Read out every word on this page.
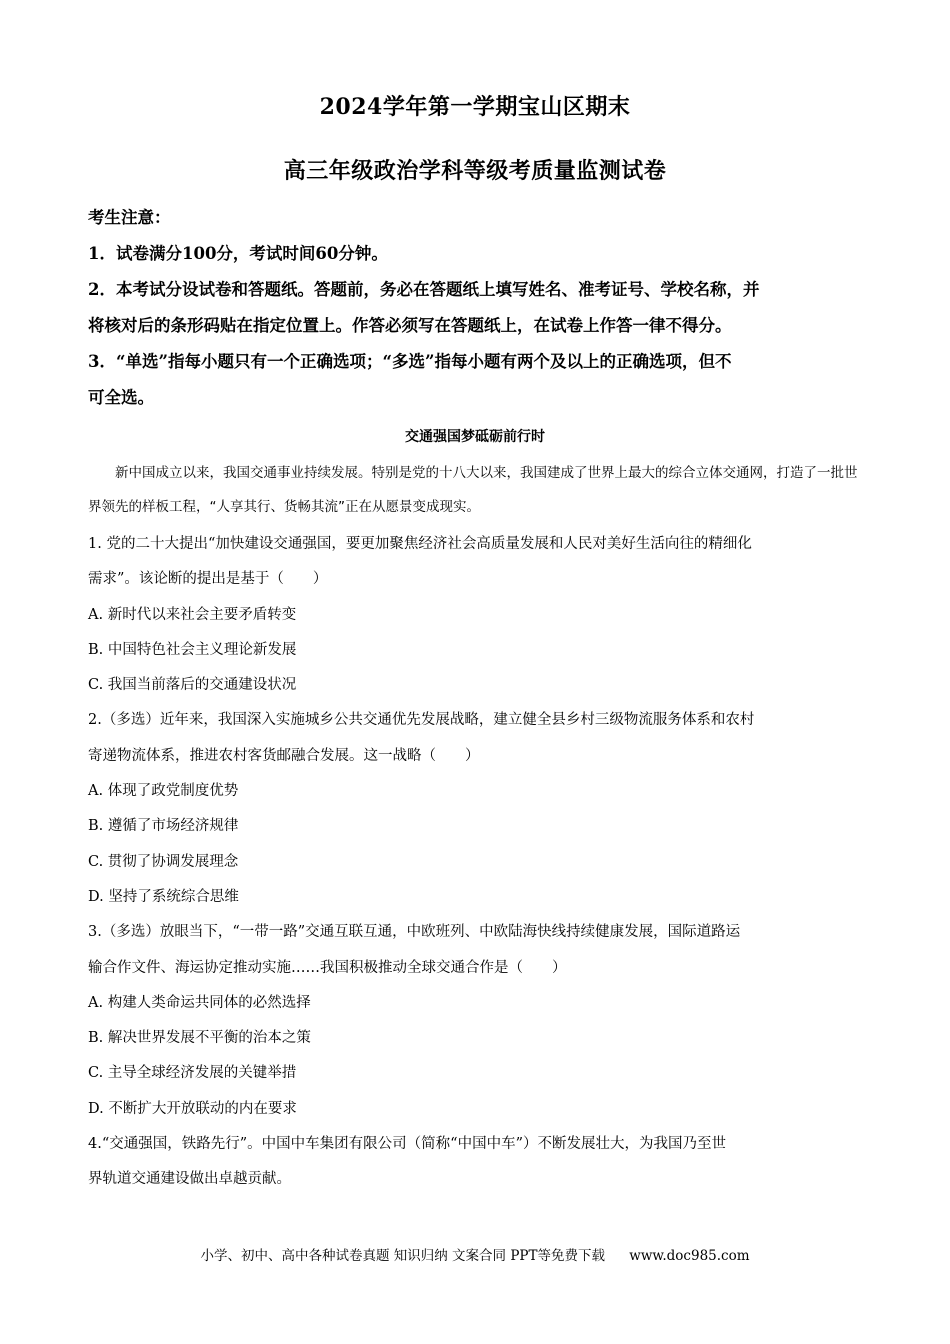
2024学年第一学期宝山区期末
高三年级政治学科等级考质量监测试卷

考生注意：

1．试卷满分100分，考试时间60分钟。

2．本考试分设试卷和答题纸。答题前，务必在答题纸上填写姓名、准考证号、学校名称，并

将核对后的条形码贴在指定位置上。作答必须写在答题纸上，在试卷上作答一律不得分。

3．“单选”指每小题只有一个正确选项；“多选”指每小题有两个及以上的正确选项，但不

可全选。

交通强国梦砥砺前行时

新中国成立以来，我国交通事业持续发展。特别是党的十八大以来，我国建成了世界上最大的综合立体交通网，打造了一批世界领先的样板工程，“人享其行、货畅其流”正在从愿景变成现实。

1. 党的二十大提出“加快建设交通强国，要更加聚焦经济社会高质量发展和人民对美好生活向往的精细化

需求”。该论断的提出是基于（　　）

A. 新时代以来社会主要矛盾转变

B. 中国特色社会主义理论新发展

C. 我国当前落后的交通建设状况

2.（多选）近年来，我国深入实施城乡公共交通优先发展战略，建立健全县乡村三级物流服务体系和农村

寄递物流体系，推进农村客货邮融合发展。这一战略（　　）

A. 体现了政党制度优势

B. 遵循了市场经济规律

C. 贯彻了协调发展理念

D. 坚持了系统综合思维

3.（多选）放眼当下，“一带一路”交通互联互通，中欧班列、中欧陆海快线持续健康发展，国际道路运

输合作文件、海运协定推动实施……我国积极推动全球交通合作是（　　）

A. 构建人类命运共同体的必然选择

B. 解决世界发展不平衡的治本之策

C. 主导全球经济发展的关键举措

D. 不断扩大开放联动的内在要求

4.“交通强国，铁路先行”。中国中车集团有限公司（简称“中国中车”）不断发展壮大，为我国乃至世

界轨道交通建设做出卓越贡献。

小学、初中、高中各种试卷真题 知识归纳 文案合同 PPT等免费下载 www.doc985.com
